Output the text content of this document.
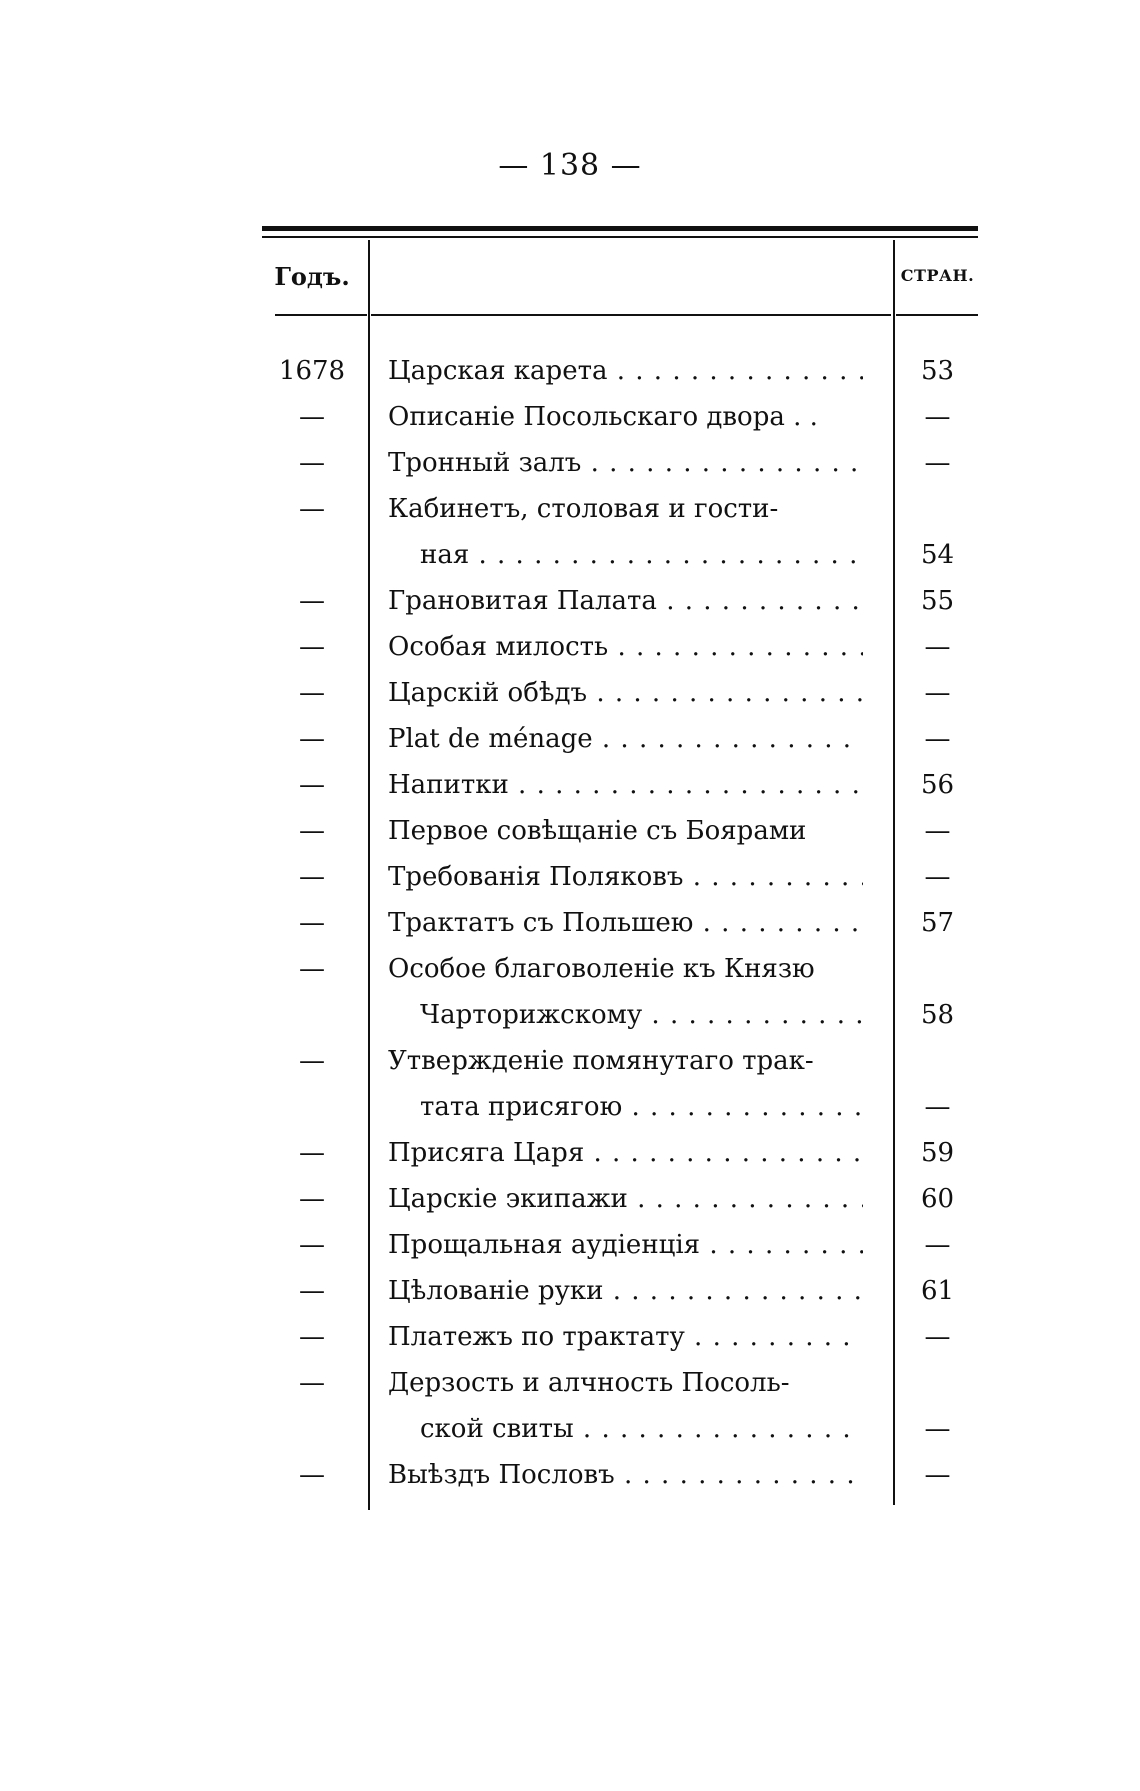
— 138 —
Годъ.	СТРАН.
1678	Царская карета . . .	53
—	Описаніе Посольскаго двора . .	—
—	Тронный залъ . . .	—
—	Кабинетъ, столовая и гости-
ная . . .	54
—	Грановитая Палата . . .	55
—	Особая милость . . .	—
—	Царскій обѣдъ . . .	—
—	Plat de ménage . . .	—
—	Напитки . . .	56
—	Первое совѣщаніе съ Боярами	—
—	Требованія Поляковъ . . .	—
—	Трактатъ съ Польшею . . .	57
—	Особое благоволеніе къ Князю
Чарторижскому . . .	58
—	Утвержденіе помянутаго трак-
тата присягою . . .	—
—	Присяга Царя . . .	59
—	Царскіе экипажи . . .	60
—	Прощальная аудіенція . . .	—
—	Цѣлованіе руки . . .	61
—	Платежъ по трактату . . .	—
—	Дерзость и алчность Посоль-
ской свиты . . .	—
—	Выѣздъ Пословъ . . .	—
